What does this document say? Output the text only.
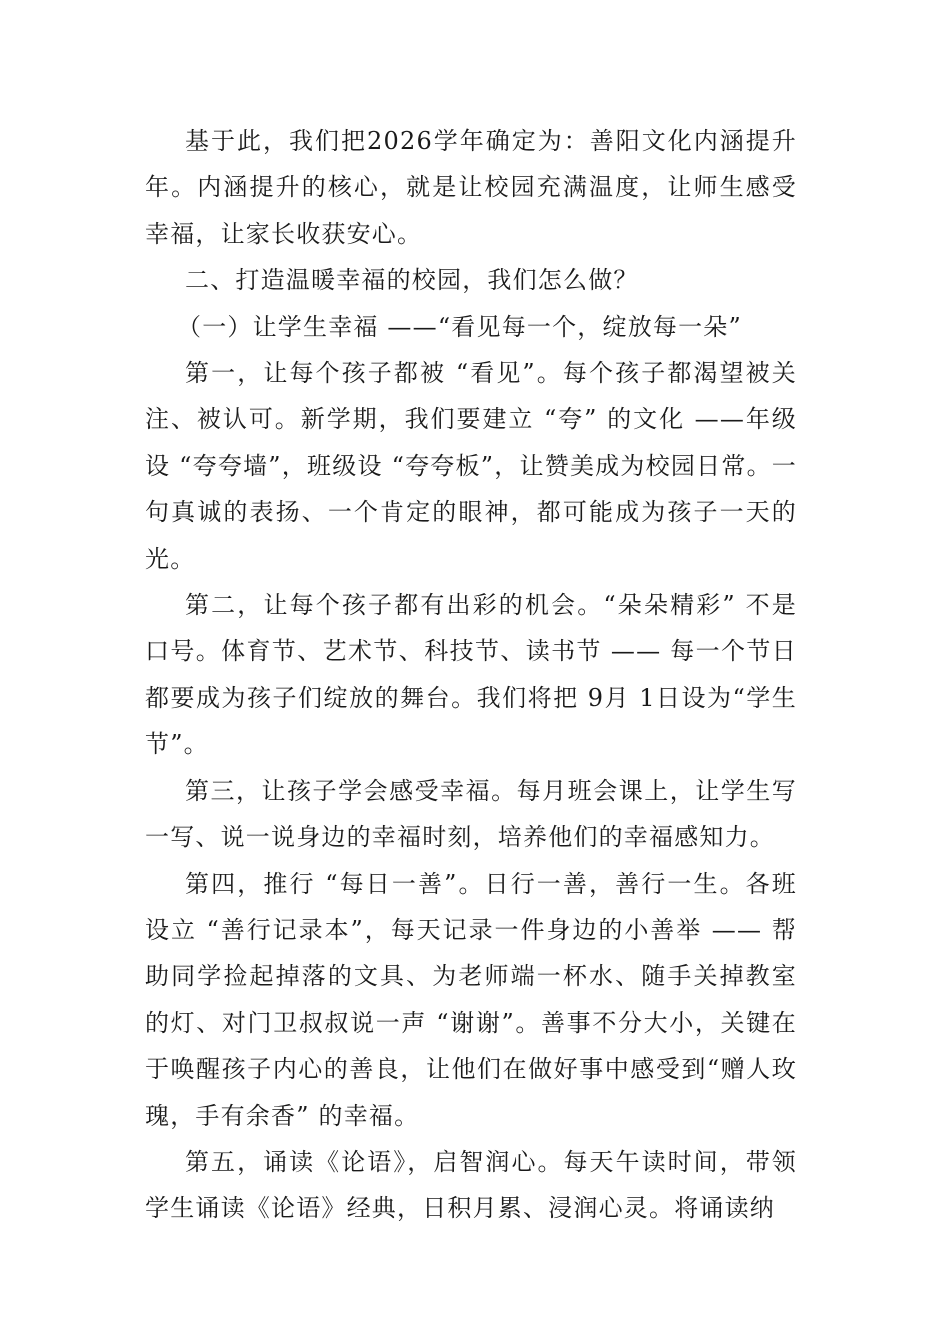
基于此，我们把2026学年确定为：善阳文化内涵提升年。内涵提升的核心，就是让校园充满温度，让师生感受幸福，让家长收获安心。

二、打造温暖幸福的校园，我们怎么做？

（一）让学生幸福 ——“看见每一个，绽放每一朵”

第一，让每个孩子都被 “看见”。每个孩子都渴望被关注、被认可。新学期，我们要建立 “夸” 的文化 ——年级设 “夸夸墙”，班级设 “夸夸板”，让赞美成为校园日常。一句真诚的表扬、一个肯定的眼神，都可能成为孩子一天的光。

第二，让每个孩子都有出彩的机会。“朵朵精彩” 不是口号。体育节、艺术节、科技节、读书节 —— 每一个节日都要成为孩子们绽放的舞台。我们将把 9月 1日设为“学生节”。

第三，让孩子学会感受幸福。每月班会课上，让学生写一写、说一说身边的幸福时刻，培养他们的幸福感知力。

第四，推行 “每日一善”。日行一善，善行一生。各班设立 “善行记录本”，每天记录一件身边的小善举 —— 帮助同学捡起掉落的文具、为老师端一杯水、随手关掉教室的灯、对门卫叔叔说一声 “谢谢”。善事不分大小，关键在于唤醒孩子内心的善良，让他们在做好事中感受到“赠人玫瑰，手有余香” 的幸福。

第五，诵读《论语》，启智润心。每天午读时间，带领学生诵读《论语》经典，日积月累、浸润心灵。将诵读纳
